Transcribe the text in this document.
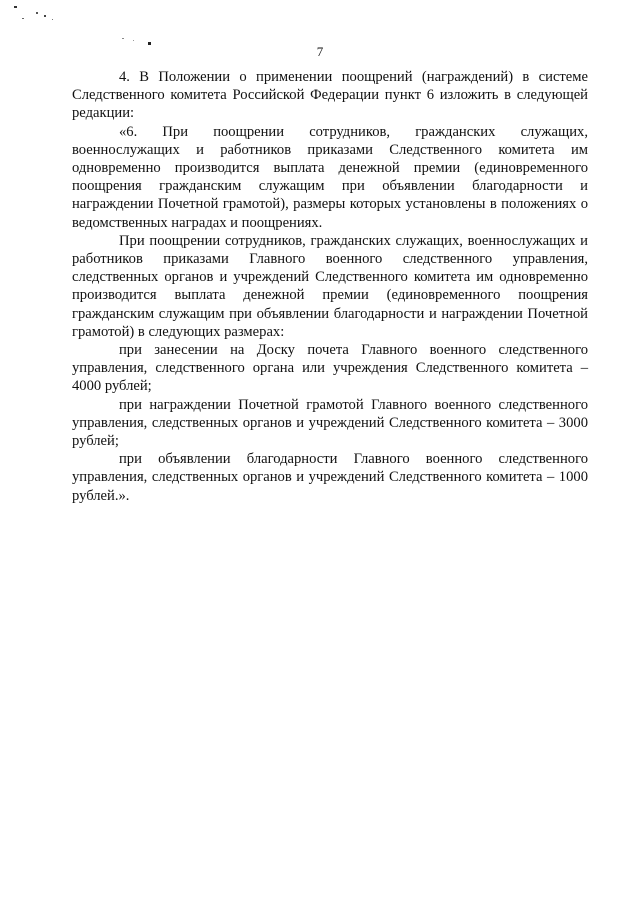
7

4. В Положении о применении поощрений (награждений) в системе Следственного комитета Российской Федерации пункт 6 изложить в следующей редакции:

«6. При поощрении сотрудников, гражданских служащих, военнослужащих и работников приказами Следственного комитета им одновременно производится выплата денежной премии (единовременного поощрения гражданским служащим при объявлении благодарности и награждении Почетной грамотой), размеры которых установлены в положениях о ведомственных наградах и поощрениях.

При поощрении сотрудников, гражданских служащих, военнослужащих и работников приказами Главного военного следственного управления, следственных органов и учреждений Следственного комитета им одновременно производится выплата денежной премии (единовременного поощрения гражданским служащим при объявлении благодарности и награждении Почетной грамотой) в следующих размерах:

при занесении на Доску почета Главного военного следственного управления, следственного органа или учреждения Следственного комитета – 4000 рублей;

при награждении Почетной грамотой Главного военного следственного управления, следственных органов и учреждений Следственного комитета – 3000 рублей;

при объявлении благодарности Главного военного следственного управления, следственных органов и учреждений Следственного комитета – 1000 рублей.».
